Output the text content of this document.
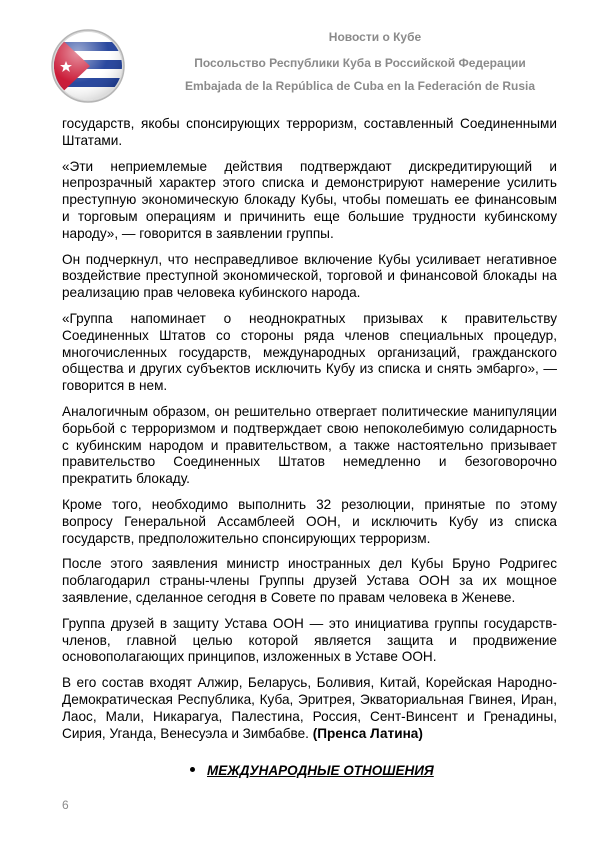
Новости о Кубе
Посольство Республики Куба в Российской Федерации
Embajada de la República de Cuba en la Federación de Rusia

государств, якобы спонсирующих терроризм, составленный Соединенными Штатами.

«Эти неприемлемые действия подтверждают дискредитирующий и непрозрачный характер этого списка и демонстрируют намерение усилить преступную экономическую блокаду Кубы, чтобы помешать ее финансовым и торговым операциям и причинить еще большие трудности кубинскому народу», — говорится в заявлении группы.

Он подчеркнул, что несправедливое включение Кубы усиливает негативное воздействие преступной экономической, торговой и финансовой блокады на реализацию прав человека кубинского народа.

«Группа напоминает о неоднократных призывах к правительству Соединенных Штатов со стороны ряда членов специальных процедур, многочисленных государств, международных организаций, гражданского общества и других субъектов исключить Кубу из списка и снять эмбарго», — говорится в нем.

Аналогичным образом, он решительно отвергает политические манипуляции борьбой с терроризмом и подтверждает свою непоколебимую солидарность с кубинским народом и правительством, а также настоятельно призывает правительство Соединенных Штатов немедленно и безоговорочно прекратить блокаду.

Кроме того, необходимо выполнить 32 резолюции, принятые по этому вопросу Генеральной Ассамблеей ООН, и исключить Кубу из списка государств, предположительно спонсирующих терроризм.

После этого заявления министр иностранных дел Кубы Бруно Родригес поблагодарил страны-члены Группы друзей Устава ООН за их мощное заявление, сделанное сегодня в Совете по правам человека в Женеве.

Группа друзей в защиту Устава ООН — это инициатива группы государств-членов, главной целью которой является защита и продвижение основополагающих принципов, изложенных в Уставе ООН.

В его состав входят Алжир, Беларусь, Боливия, Китай, Корейская Народно-Демократическая Республика, Куба, Эритрея, Экваториальная Гвинея, Иран, Лаос, Мали, Никарагуа, Палестина, Россия, Сент-Винсент и Гренадины, Сирия, Уганда, Венесуэла и Зимбабве. (Пренса Латина)

МЕЖДУНАРОДНЫЕ ОТНОШЕНИЯ
6
